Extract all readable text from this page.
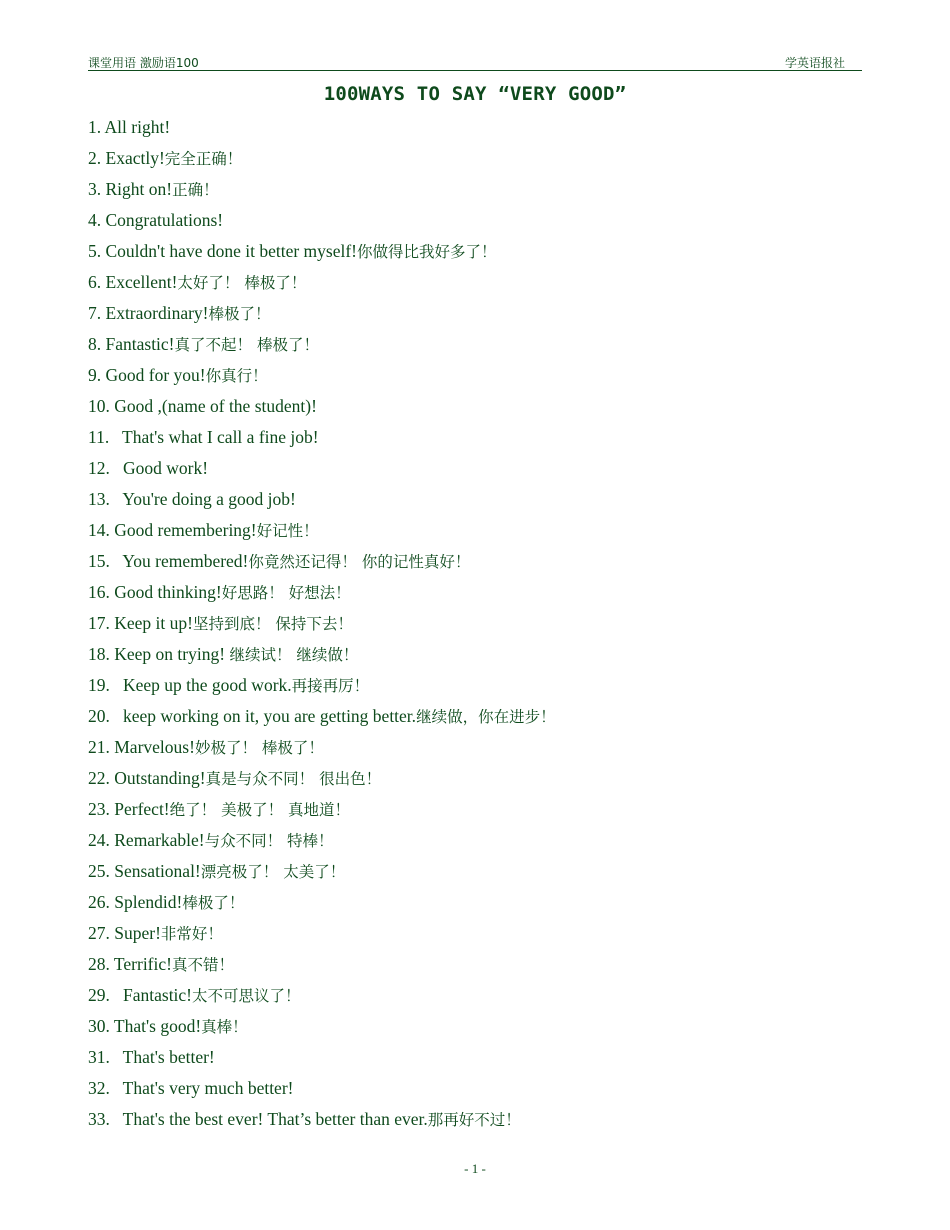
课堂用语 激励语100	学英语报社
100WAYS TO SAY “VERY GOOD”
1. All right!
2. Exactly!完全正确！
3. Right on!正确！
4. Congratulations!
5. Couldn't have done it better myself!你做得比我好多了！
6. Excellent!太好了！ 棒极了！
7. Extraordinary!棒极了！
8. Fantastic!真了不起！ 棒极了！
9. Good for you!你真行！
10. Good ,(name of the student)!
11.   That's what I call a fine job!
12.   Good work!
13.   You're doing a good job!
14. Good remembering!好记性！
15.   You remembered!你竟然还记得！ 你的记性真好！
16. Good thinking!好思路！ 好想法！
17. Keep it up!坚持到底！ 保持下去！
18. Keep on trying! 继续试！ 继续做！
19.   Keep up the good work.再接再厉！
20.   keep working on it, you are getting better.继续做，你在进步！
21. Marvelous!妙极了！ 棒极了！
22. Outstanding!真是与众不同！ 很出色！
23. Perfect!绝了！ 美极了！ 真地道！
24. Remarkable!与众不同！ 特棒！
25. Sensational!漂亮极了！ 太美了！
26. Splendid!棒极了！
27. Super!非常好！
28. Terrific!真不错！
29.   Fantastic!太不可思议了！
30. That's good!真棒！
31.   That's better!
32.   That's very much better!
33.   That's the best ever! That’s better than ever.那再好不过！
- 1 -
